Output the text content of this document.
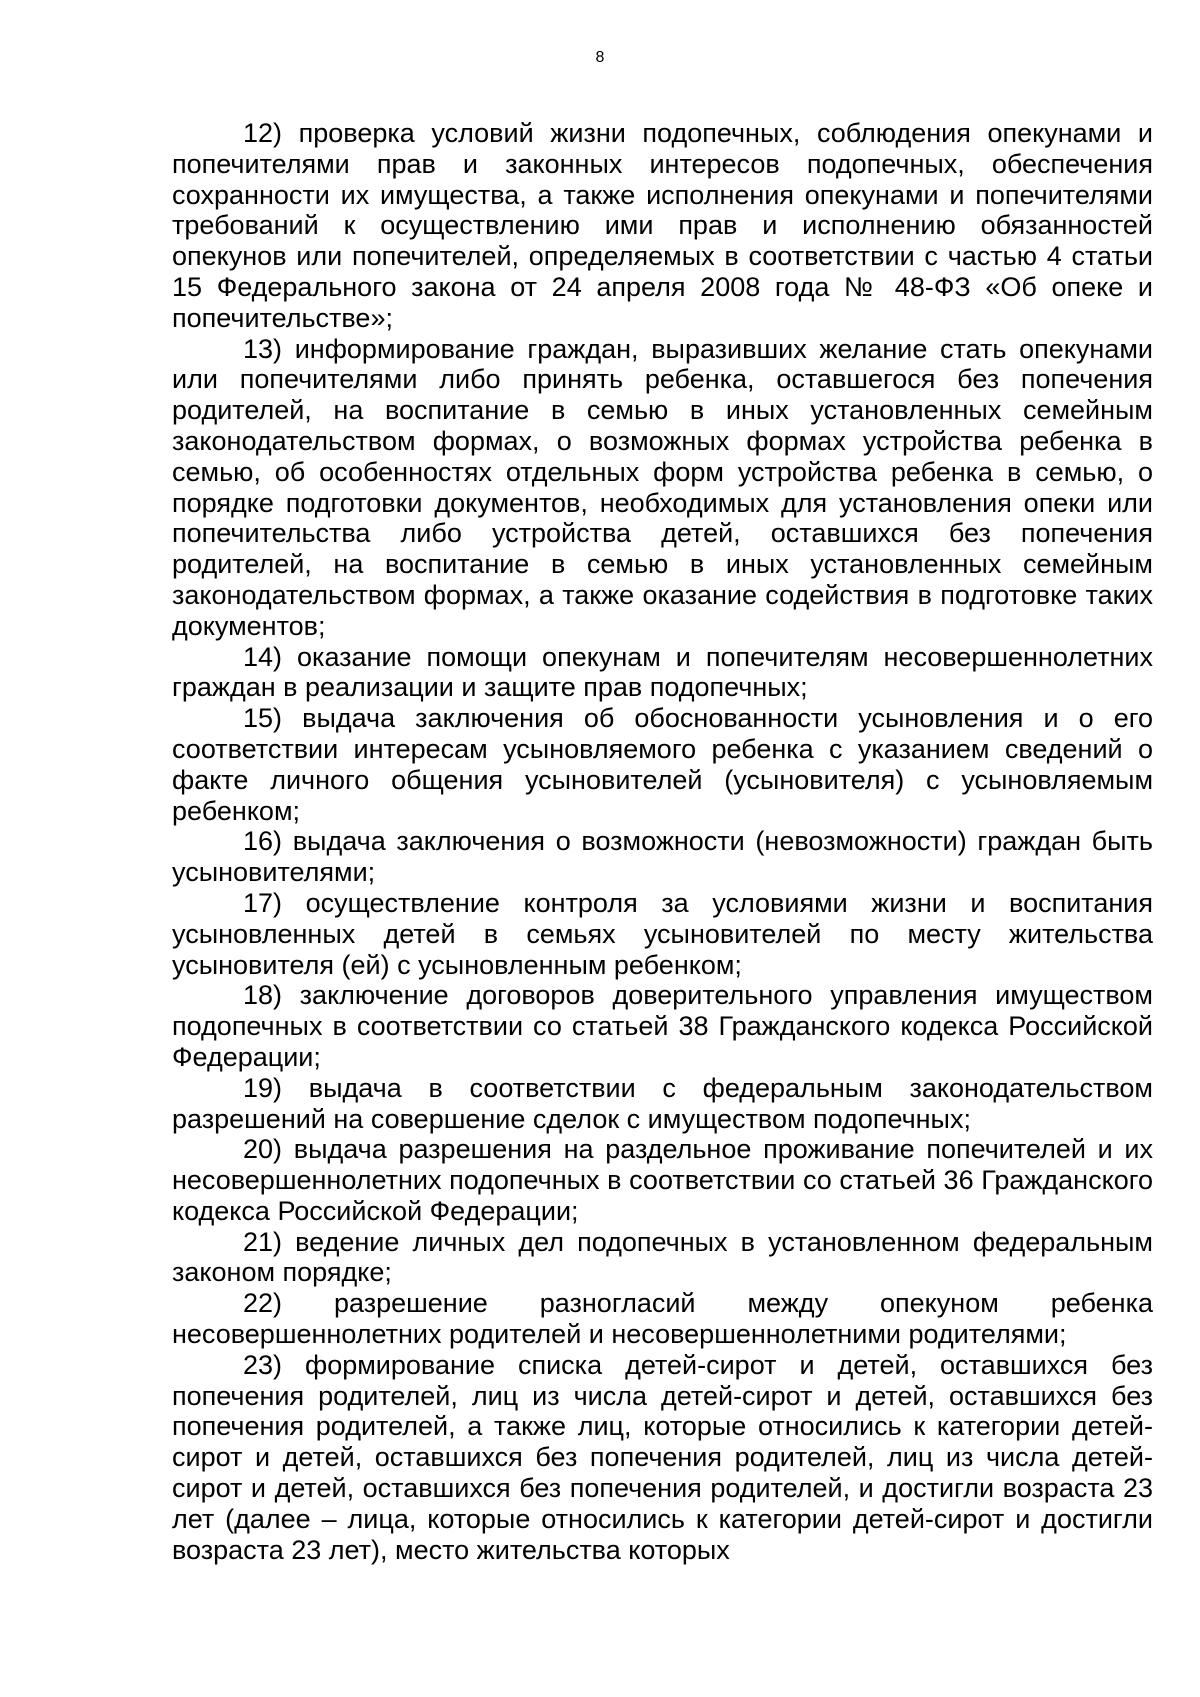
8

12) проверка условий жизни подопечных, соблюдения опекунами и попечителями прав и законных интересов подопечных, обеспечения сохранности их имущества, а также исполнения опекунами и попечителями требований к осуществлению ими прав и исполнению обязанностей опекунов или попечителей, определяемых в соответствии с частью 4 статьи 15 Федерального закона от 24 апреля 2008 года № 48-ФЗ «Об опеке и попечительстве»;

13) информирование граждан, выразивших желание стать опекунами или попечителями либо принять ребенка, оставшегося без попечения родителей, на воспитание в семью в иных установленных семейным законодательством формах, о возможных формах устройства ребенка в семью, об особенностях отдельных форм устройства ребенка в семью, о порядке подготовки документов, необходимых для установления опеки или попечительства либо устройства детей, оставшихся без попечения родителей, на воспитание в семью в иных установленных семейным законодательством формах, а также оказание содействия в подготовке таких документов;

14) оказание помощи опекунам и попечителям несовершеннолетних граждан в реализации и защите прав подопечных;

15) выдача заключения об обоснованности усыновления и о его соответствии интересам усыновляемого ребенка с указанием сведений о факте личного общения усыновителей (усыновителя) с усыновляемым ребенком;

16) выдача заключения о возможности (невозможности) граждан быть усыновителями;

17) осуществление контроля за условиями жизни и воспитания усыновленных детей в семьях усыновителей по месту жительства усыновителя (ей) с усыновленным ребенком;

18) заключение договоров доверительного управления имуществом подопечных в соответствии со статьей 38 Гражданского кодекса Российской Федерации;

19) выдача в соответствии с федеральным законодательством разрешений на совершение сделок с имуществом подопечных;

20) выдача разрешения на раздельное проживание попечителей и их несовершеннолетних подопечных в соответствии со статьей 36 Гражданского кодекса Российской Федерации;

21) ведение личных дел подопечных в установленном федеральным законом порядке;

22) разрешение разногласий между опекуном ребенка несовершеннолетних родителей и несовершеннолетними родителями;

23) формирование списка детей-сирот и детей, оставшихся без попечения родителей, лиц из числа детей-сирот и детей, оставшихся без попечения родителей, а также лиц, которые относились к категории детей-сирот и детей, оставшихся без попечения родителей, лиц из числа детей-сирот и детей, оставшихся без попечения родителей, и достигли возраста 23 лет (далее – лица, которые относились к категории детей-сирот и достигли возраста 23 лет), место жительства которых
